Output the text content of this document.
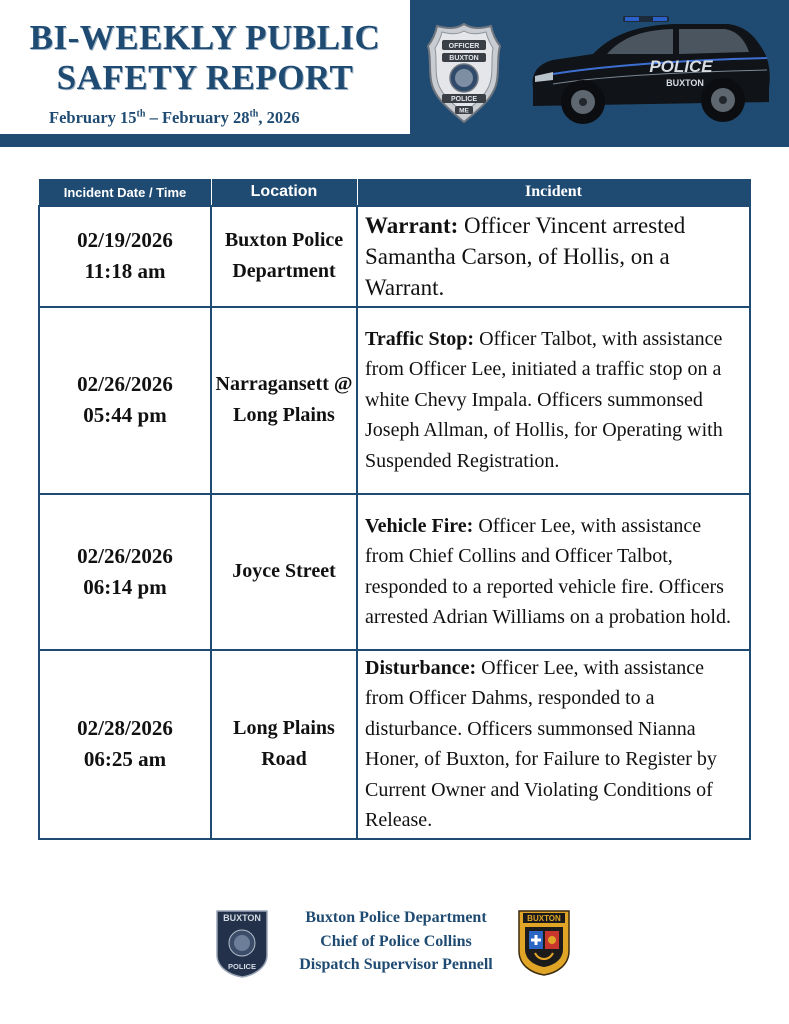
BI-WEEKLY PUBLIC
SAFETY REPORT
February 15th – February 28th, 2026
OFFICER
BUXTON
POLICE
ME
POLICE
BUXTON
Incident Date / Time	Location	Incident

02/19/2026
11:18 am	Buxton Police Department	Warrant: Officer Vincent arrested Samantha Carson, of Hollis, on a Warrant.

02/26/2026
05:44 pm	Narragansett @ Long Plains	Traffic Stop: Officer Talbot, with assistance from Officer Lee, initiated a traffic stop on a white Chevy Impala. Officers summonsed Joseph Allman, of Hollis, for Operating with Suspended Registration.

02/26/2026
06:14 pm	Joyce Street	Vehicle Fire: Officer Lee, with assistance from Chief Collins and Officer Talbot, responded to a reported vehicle fire. Officers arrested Adrian Williams on a probation hold.

02/28/2026
06:25 am	Long Plains Road	Disturbance: Officer Lee, with assistance from Officer Dahms, responded to a disturbance. Officers summonsed Nianna Honer, of Buxton, for Failure to Register by Current Owner and Violating Conditions of Release.
BUXTON
POLICE
Buxton Police Department
Chief of Police Collins
Dispatch Supervisor Pennell
BUXTON
